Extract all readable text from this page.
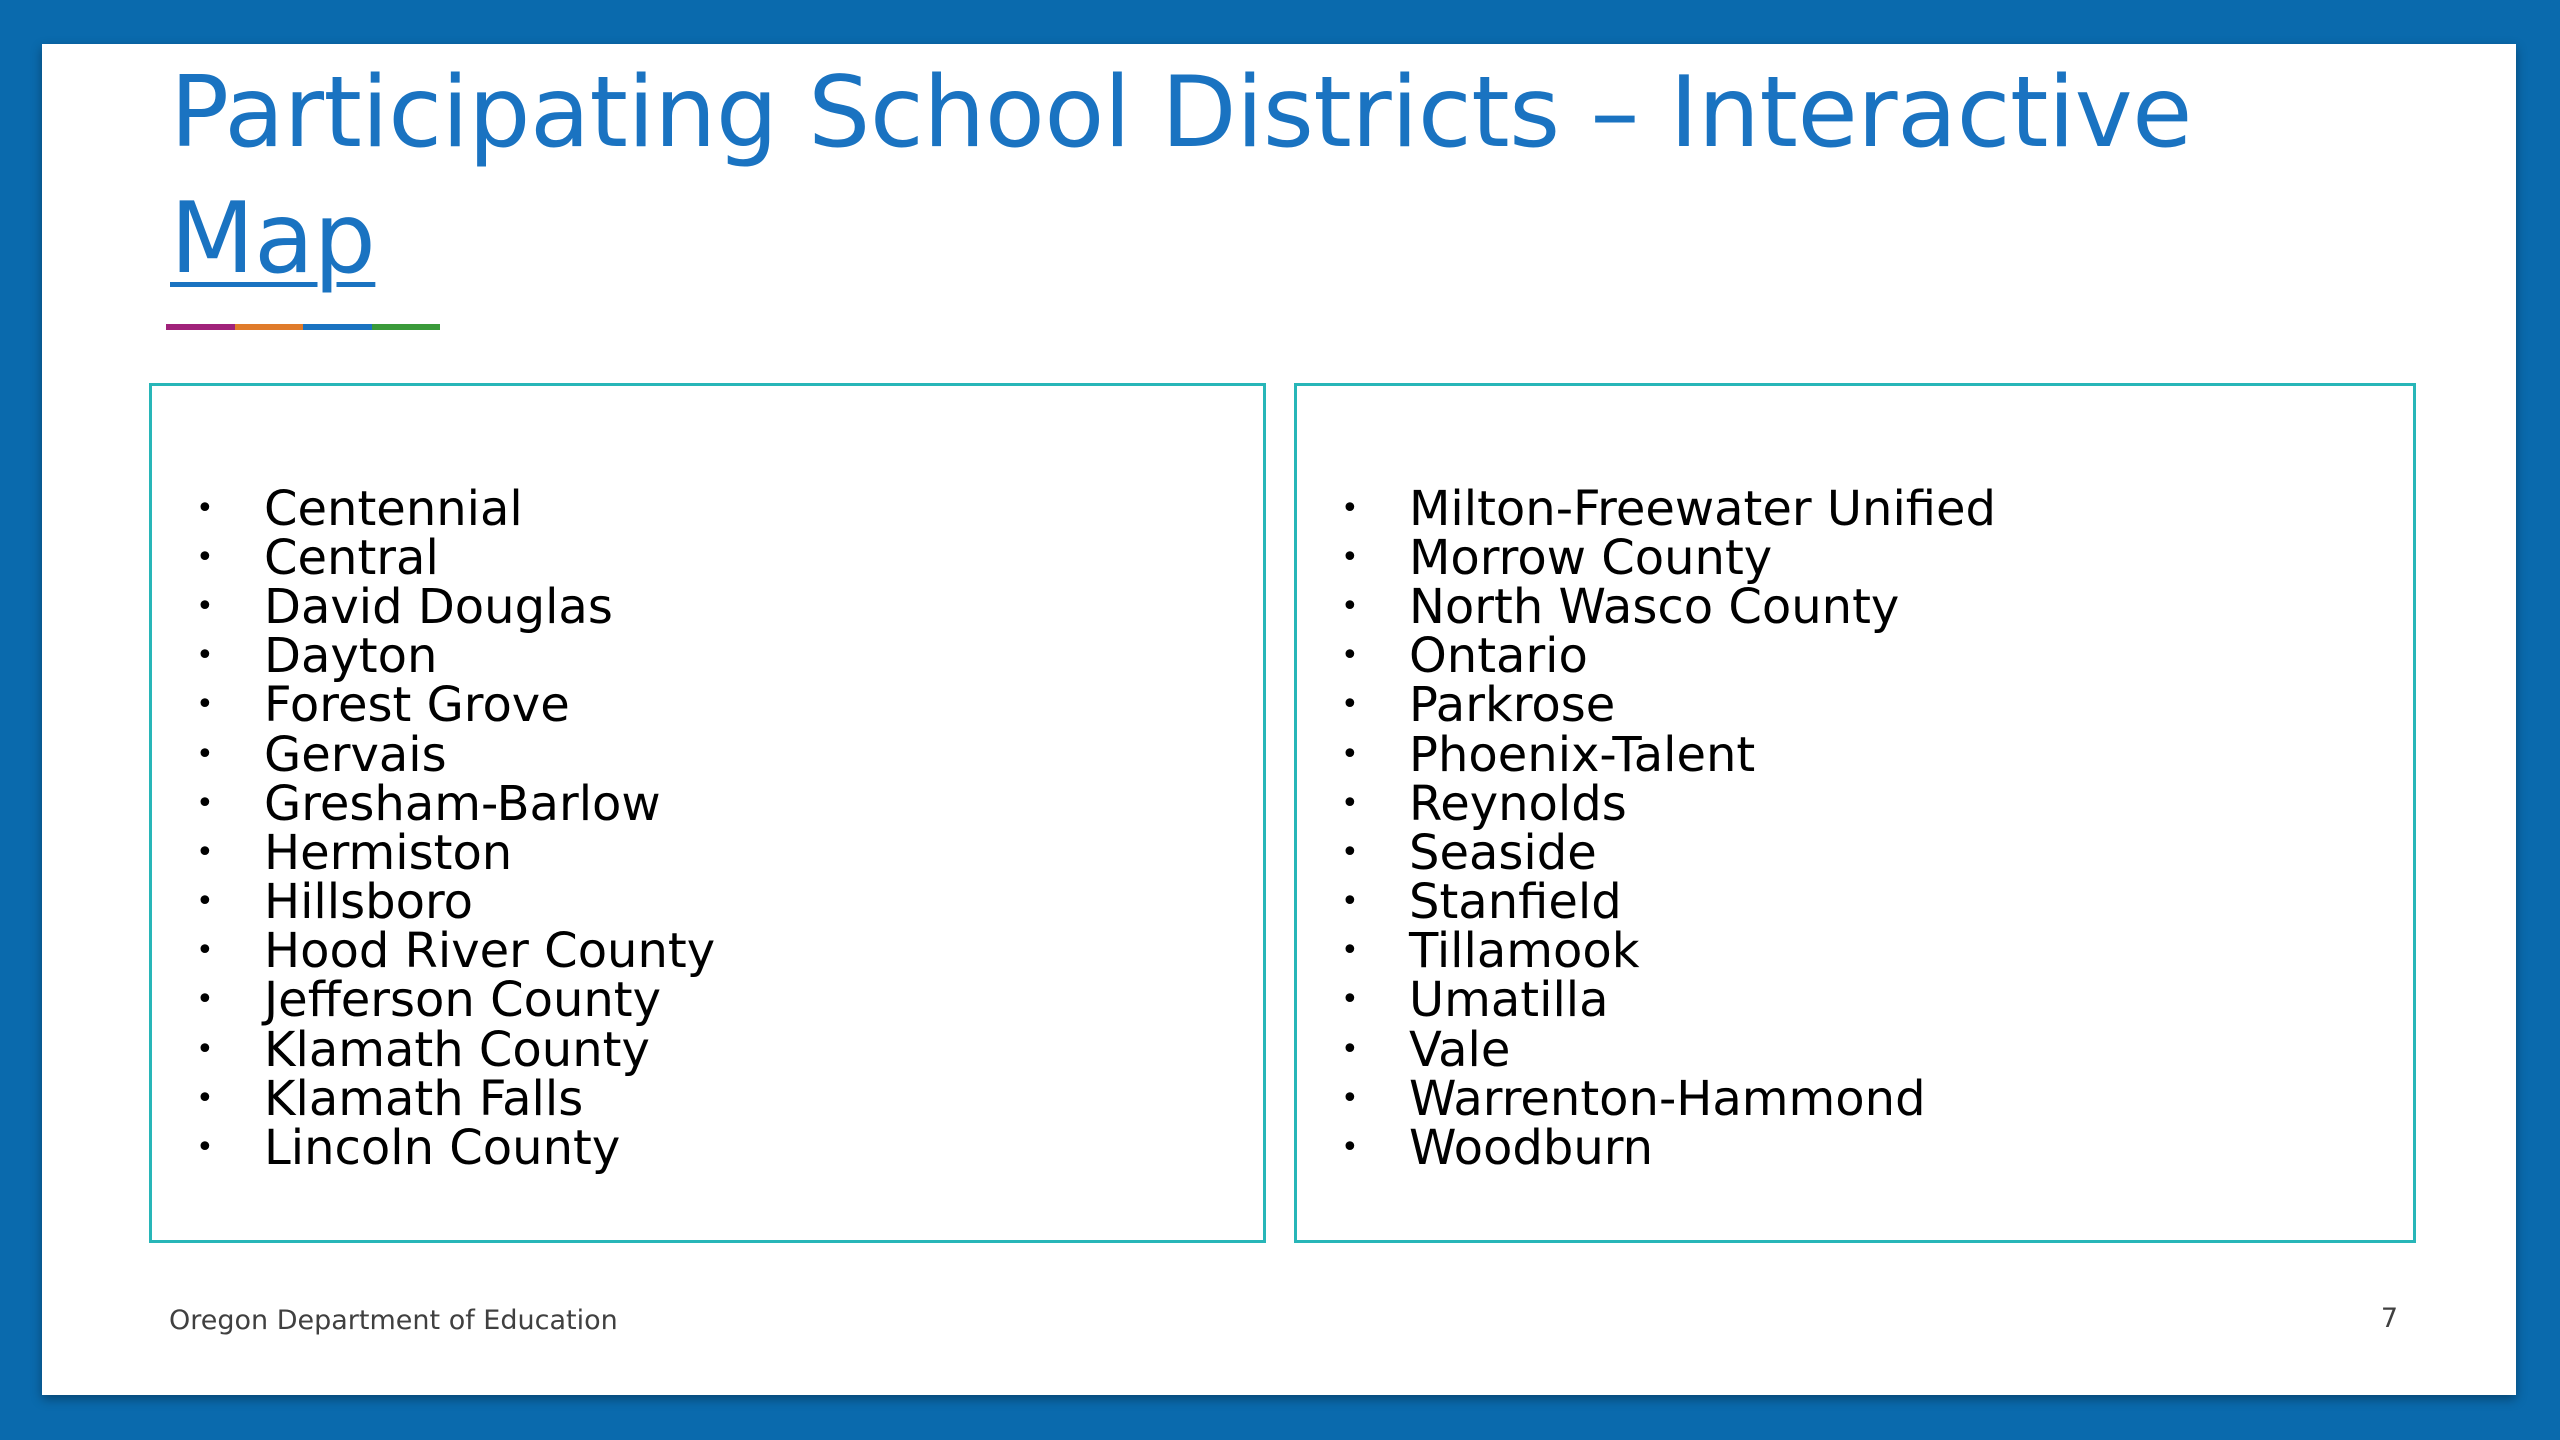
Participating School Districts – Interactive
Map
•	Centennial
•	Central
•	David Douglas
•	Dayton
•	Forest Grove
•	Gervais
•	Gresham-Barlow
•	Hermiston
•	Hillsboro
•	Hood River County
•	Jefferson County
•	Klamath County
•	Klamath Falls
•	Lincoln County
•	Milton-Freewater Unified
•	Morrow County
•	North Wasco County
•	Ontario
•	Parkrose
•	Phoenix-Talent
•	Reynolds
•	Seaside
•	Stanfield
•	Tillamook
•	Umatilla
•	Vale
•	Warrenton-Hammond
•	Woodburn
Oregon Department of Education	7
